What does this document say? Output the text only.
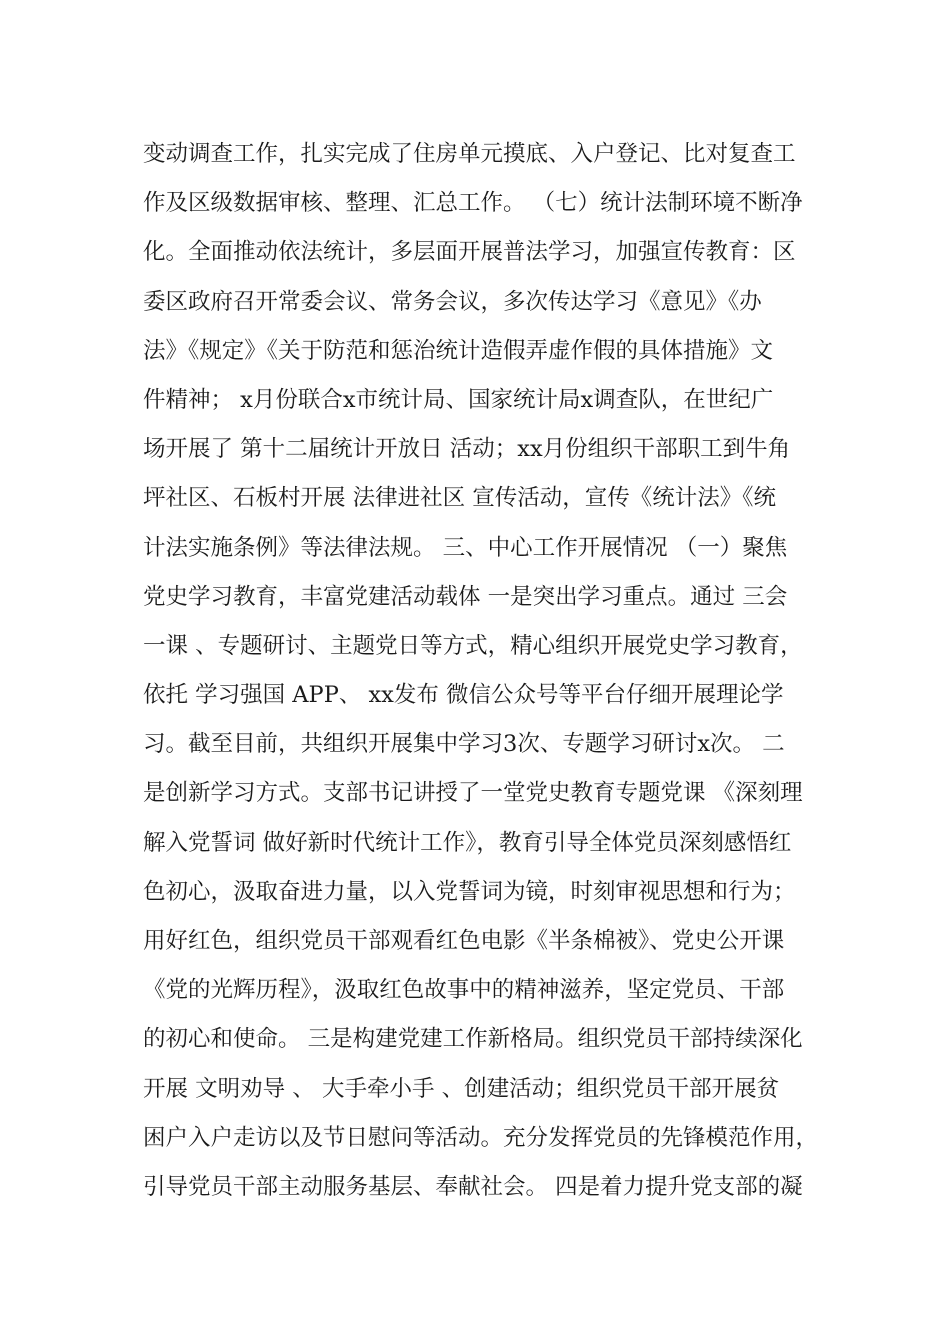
变动调查工作，扎实完成了住房单元摸底、入户登记、比对复查工
作及区级数据审核、整理、汇总工作。 （七）统计法制环境不断净
化。全面推动依法统计，多层面开展普法学习，加强宣传教育：区
委区政府召开常委会议、常务会议，多次传达学习《意见》《办
法》《规定》《关于防范和惩治统计造假弄虚作假的具体措施》文
件精神； x月份联合x市统计局、国家统计局x调查队，在世纪广
场开展了 第十二届统计开放日 活动；xx月份组织干部职工到牛角
坪社区、石板村开展 法律进社区 宣传活动，宣传《统计法》《统
计法实施条例》等法律法规。 三、中心工作开展情况 （一）聚焦
党史学习教育，丰富党建活动载体 一是突出学习重点。通过 三会
一课 、专题研讨、主题党日等方式，精心组织开展党史学习教育，
依托 学习强国 APP、 xx发布 微信公众号等平台仔细开展理论学
习。截至目前，共组织开展集中学习3次、专题学习研讨x次。 二
是创新学习方式。支部书记讲授了一堂党史教育专题党课 《深刻理
解入党誓词 做好新时代统计工作》，教育引导全体党员深刻感悟红
色初心，汲取奋进力量，以入党誓词为镜，时刻审视思想和行为；
用好红色，组织党员干部观看红色电影《半条棉被》、党史公开课
《党的光辉历程》，汲取红色故事中的精神滋养，坚定党员、干部
的初心和使命。 三是构建党建工作新格局。组织党员干部持续深化
开展 文明劝导 、 大手牵小手 、创建活动；组织党员干部开展贫
困户入户走访以及节日慰问等活动。充分发挥党员的先锋模范作用，
引导党员干部主动服务基层、奉献社会。 四是着力提升党支部的凝
